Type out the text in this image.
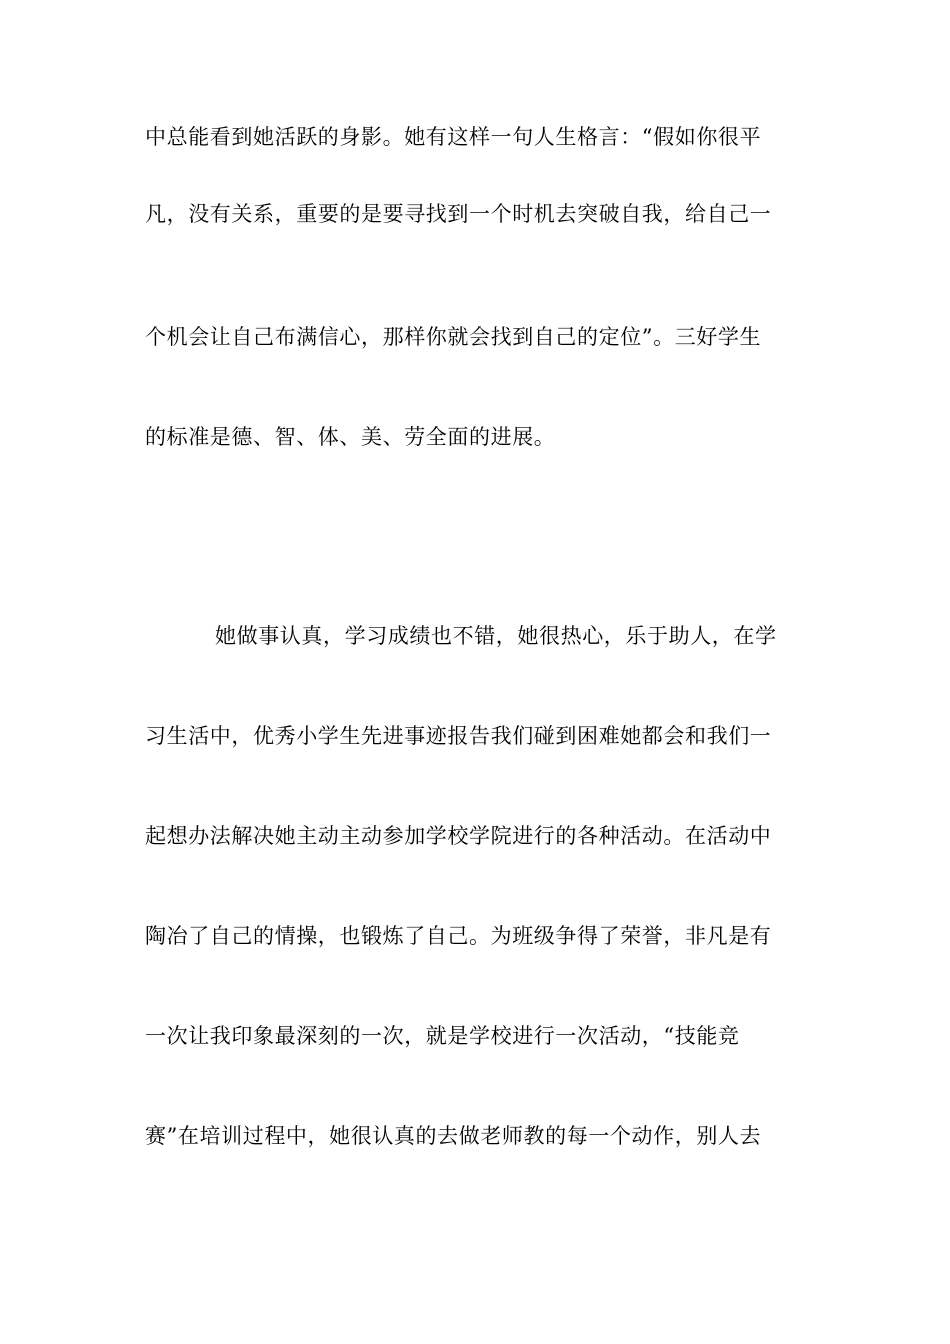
中总能看到她活跃的身影。她有这样一句人生格言：“假如你很平
凡，没有关系，重要的是要寻找到一个时机去突破自我，给自己一
个机会让自己布满信心，那样你就会找到自己的定位”。三好学生
的标准是德、智、体、美、劳全面的进展。
她做事认真，学习成绩也不错，她很热心，乐于助人，在学
习生活中，优秀小学生先进事迹报告我们碰到困难她都会和我们一
起想办法解决她主动主动参加学校学院进行的各种活动。在活动中
陶冶了自己的情操，也锻炼了自己。为班级争得了荣誉，非凡是有
一次让我印象最深刻的一次，就是学校进行一次活动，“技能竞
赛”在培训过程中，她很认真的去做老师教的每一个动作，别人去
